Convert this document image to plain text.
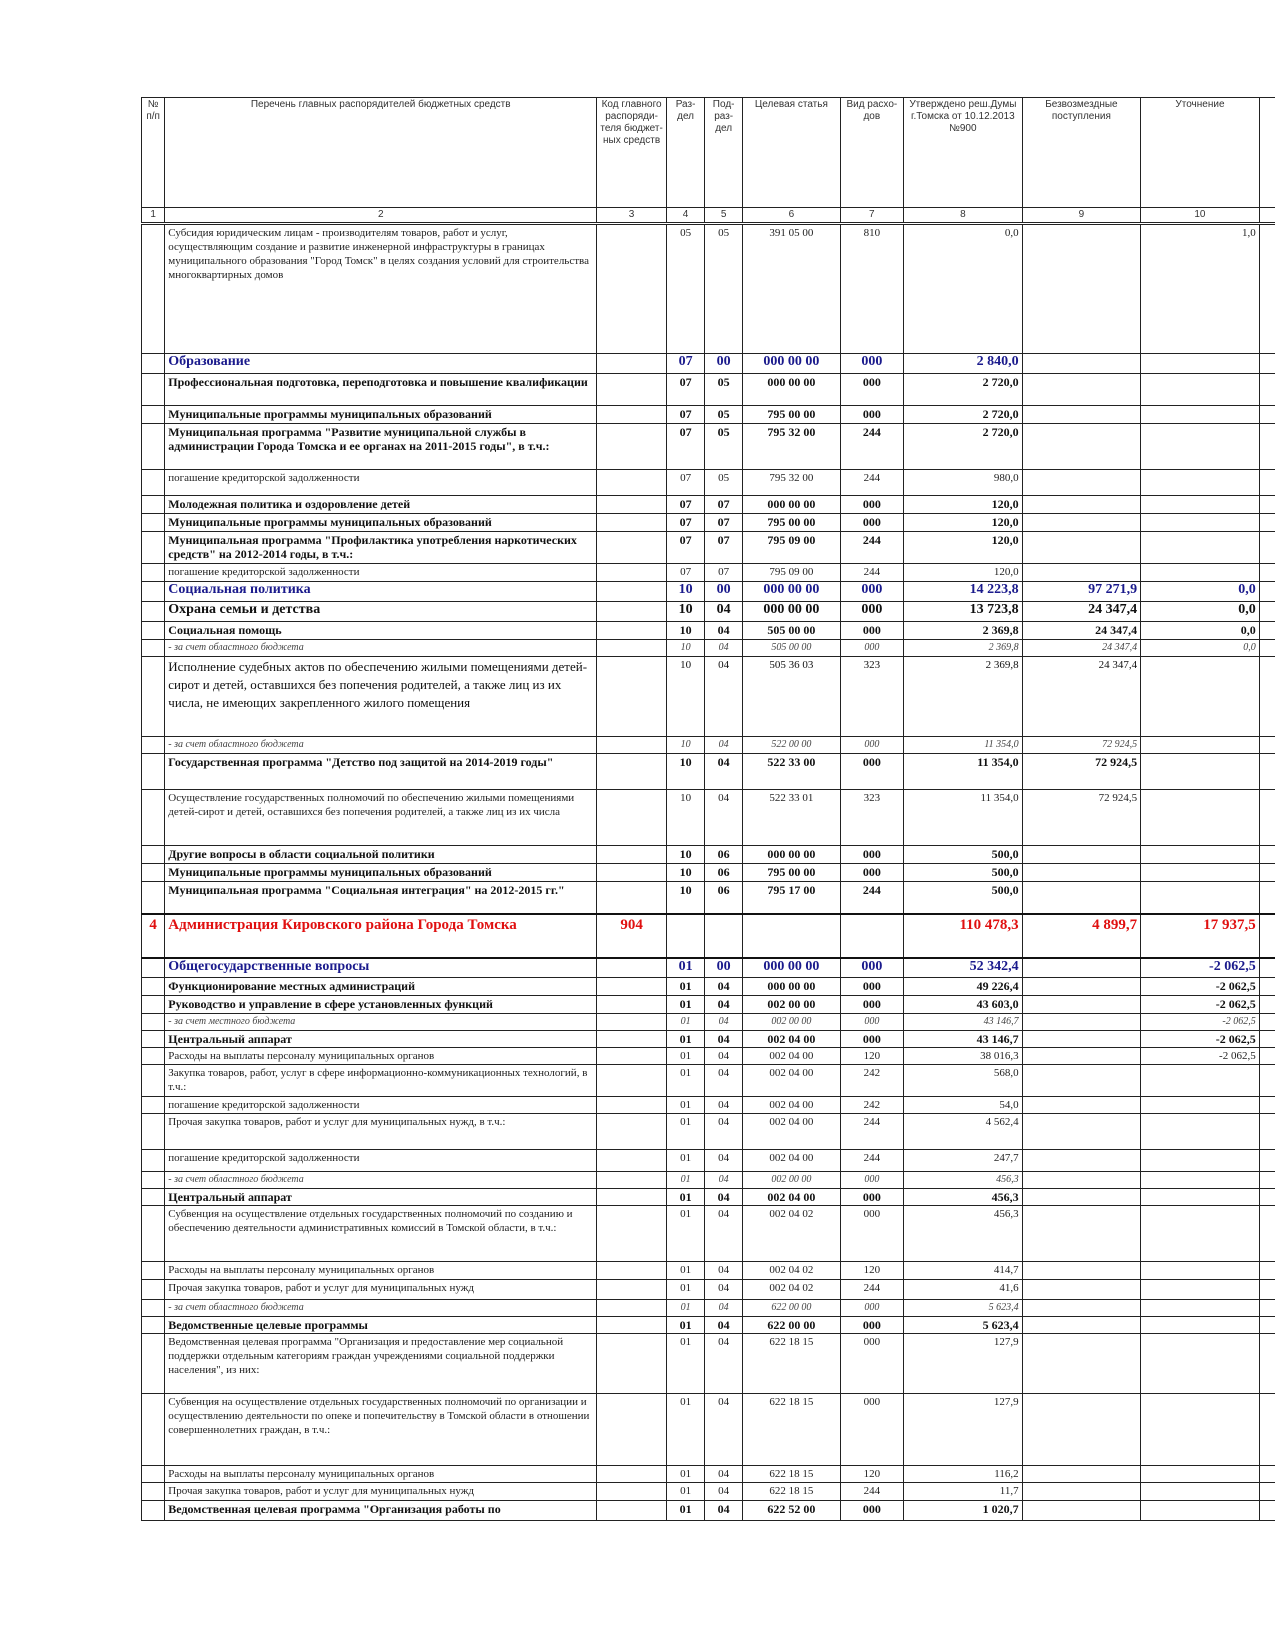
№ п/п	Перечень главных распорядителей бюджетных средств	Код главного распоряди-теля бюджет-ных средств	Раз-дел	Под-раз-дел	Целевая статья	Вид расхо-дов	Утверждено реш.Думы г.Томска от 10.12.2013 №900	Безвозмездные поступления	Уточнение	
1	2	3	4	5	6	7	8	9	10	
	Субсидия юридическим лицам - производителям товаров, работ и услуг, осуществляющим создание и развитие инженерной инфраструктуры в границах муниципального образования "Город Томск" в целях создания условий для строительства многоквартирных домов		05	05	391 05 00	810	0,0		1,0	
	Образование		07	00	000 00 00	000	2 840,0			
	Профессиональная подготовка, переподготовка и повышение квалификации		07	05	000 00 00	000	2 720,0			
	Муниципальные программы муниципальных образований		07	05	795 00 00	000	2 720,0			
	Муниципальная программа "Развитие муниципальной службы в администрации Города Томска и ее органах на 2011-2015 годы", в т.ч.:		07	05	795 32 00	244	2 720,0			
	погашение кредиторской задолженности		07	05	795 32 00	244	980,0			
	Молодежная политика и оздоровление детей		07	07	000 00 00	000	120,0			
	Муниципальные программы муниципальных образований		07	07	795 00 00	000	120,0			
	Муниципальная программа "Профилактика употребления наркотических средств" на 2012-2014 годы, в т.ч.:		07	07	795 09 00	244	120,0			
	погашение кредиторской задолженности		07	07	795 09 00	244	120,0			
	Социальная политика		10	00	000 00 00	000	14 223,8	97 271,9	0,0	
	Охрана семьи и детства		10	04	000 00 00	000	13 723,8	24 347,4	0,0	
	Социальная помощь		10	04	505 00 00	000	2 369,8	24 347,4	0,0	
	- за счет областного бюджета		10	04	505 00 00	000	2 369,8	24 347,4	0,0	
	Исполнение судебных актов по обеспечению жилыми помещениями детей-сирот и детей, оставшихся без попечения родителей, а также лиц из их числа, не имеющих закрепленного жилого помещения		10	04	505 36 03	323	2 369,8	24 347,4		
	- за счет областного бюджета		10	04	522 00 00	000	11 354,0	72 924,5		
	Государственная программа "Детство под защитой на 2014-2019 годы"		10	04	522 33 00	000	11 354,0	72 924,5		
	Осуществление государственных полномочий по обеспечению жилыми помещениями детей-сирот и детей, оставшихся без попечения родителей, а также лиц из их числа		10	04	522 33 01	323	11 354,0	72 924,5		
	Другие вопросы в области социальной политики		10	06	000 00 00	000	500,0			
	Муниципальные программы муниципальных образований		10	06	795 00 00	000	500,0			
	Муниципальная программа "Социальная интеграция" на 2012-2015 гг."		10	06	795 17 00	244	500,0			
4	Администрация Кировского района Города Томска	904					110 478,3	4 899,7	17 937,5	
	Общегосударственные вопросы		01	00	000 00 00	000	52 342,4		-2 062,5	
	Функционирование местных администраций		01	04	000 00 00	000	49 226,4		-2 062,5	
	Руководство и управление в сфере установленных функций		01	04	002 00 00	000	43 603,0		-2 062,5	
	- за счет местного бюджета		01	04	002 00 00	000	43 146,7		-2 062,5	
	Центральный аппарат		01	04	002 04 00	000	43 146,7		-2 062,5	
	Расходы на выплаты персоналу муниципальных органов		01	04	002 04 00	120	38 016,3		-2 062,5	
	Закупка товаров, работ, услуг в сфере информационно-коммуникационных технологий, в т.ч.:		01	04	002 04 00	242	568,0			
	погашение кредиторской задолженности		01	04	002 04 00	242	54,0			
	Прочая закупка товаров, работ и услуг для муниципальных нужд, в т.ч.:		01	04	002 04 00	244	4 562,4			
	погашение кредиторской задолженности		01	04	002 04 00	244	247,7			
	- за счет областного бюджета		01	04	002 00 00	000	456,3			
	Центральный аппарат		01	04	002 04 00	000	456,3			
	Субвенция на осуществление отдельных государственных полномочий по созданию и обеспечению деятельности административных комиссий в Томской области, в т.ч.:		01	04	002 04 02	000	456,3			
	Расходы на выплаты персоналу муниципальных органов		01	04	002 04 02	120	414,7			
	Прочая закупка товаров, работ и услуг для муниципальных нужд		01	04	002 04 02	244	41,6			
	- за счет областного бюджета		01	04	622 00 00	000	5 623,4			
	Ведомственные целевые программы		01	04	622 00 00	000	5 623,4			
	Ведомственная целевая программа "Организация и предоставление мер социальной поддержки отдельным категориям граждан учреждениями социальной поддержки населения", из них:		01	04	622 18 15	000	127,9			
	Субвенция на осуществление отдельных государственных полномочий по организации и осуществлению деятельности по опеке и попечительству в Томской области в отношении совершеннолетних граждан, в т.ч.:		01	04	622 18 15	000	127,9			
	Расходы на выплаты персоналу муниципальных органов		01	04	622 18 15	120	116,2			
	Прочая закупка товаров, работ и услуг для муниципальных нужд		01	04	622 18 15	244	11,7			
	Ведомственная целевая программа "Организация работы по		01	04	622 52 00	000	1 020,7			
